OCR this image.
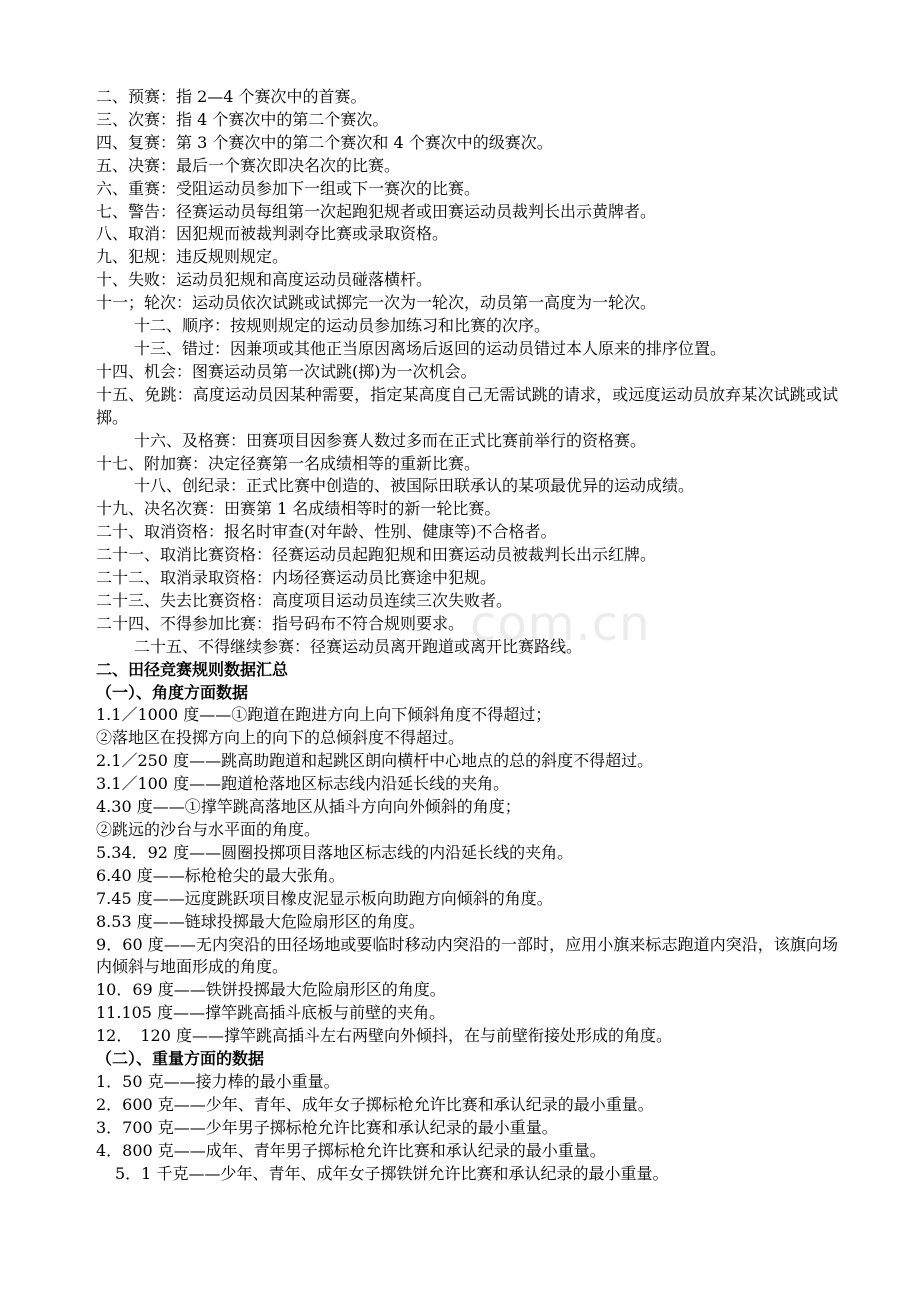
二、预赛：指 2—4 个赛次中的首赛。
三、次赛：指 4 个赛次中的第二个赛次。
四、复赛：第 3 个赛次中的第二个赛次和 4 个赛次中的级赛次。
五、决赛：最后一个赛次即决名次的比赛。
六、重赛：受阻运动员参加下一组或下一赛次的比赛。
七、警告：径赛运动员每组第一次起跑犯规者或田赛运动员裁判长出示黄牌者。
八、取消：因犯规而被裁判剥夺比赛或录取资格。
九、犯规：违反规则规定。
十、失败：运动员犯规和高度运动员碰落横杆。
十一；轮次：运动员依次试跳或试掷完一次为一轮次，动员第一高度为一轮次。
十二、顺序：按规则规定的运动员参加练习和比赛的次序。
十三、错过：因兼项或其他正当原因离场后返回的运动员错过本人原来的排序位置。
十四、机会：图赛运动员第一次试跳(掷)为一次机会。
十五、免跳：高度运动员因某种需要，指定某高度自己无需试跳的请求，或远度运动员放弃某次试跳或试掷。
十六、及格赛：田赛项目因参赛人数过多而在正式比赛前举行的资格赛。
十七、附加赛：决定径赛第一名成绩相等的重新比赛。
十八、创纪录：正式比赛中创造的、被国际田联承认的某项最优异的运动成绩。
十九、决名次赛：田赛第 1 名成绩相等时的新一轮比赛。
二十、取消资格：报名时审查(对年龄、性别、健康等)不合格者。
二十一、取消比赛资格：径赛运动员起跑犯规和田赛运动员被裁判长出示红牌。
二十二、取消录取资格：内场径赛运动员比赛途中犯规。
二十三、失去比赛资格：高度项目运动员连续三次失败者。
二十四、不得参加比赛：指号码布不符合规则要求。
二十五、不得继续参赛：径赛运动员离开跑道或离开比赛路线。
二、田径竞赛规则数据汇总
（一）、角度方面数据
1.1／1000 度——①跑道在跑进方向上向下倾斜角度不得超过；
②落地区在投掷方向上的向下的总倾斜度不得超过。
2.1／250 度——跳高助跑道和起跳区朗向横杆中心地点的总的斜度不得超过。
3.1／100 度——跑道枪落地区标志线内沿延长线的夹角。
4.30 度——①撑竿跳高落地区从插斗方向向外倾斜的角度；
②跳远的沙台与水平面的角度。
5.34．92 度——圆圈投掷项目落地区标志线的内沿延长线的夹角。
6.40 度——标枪枪尖的最大张角。
7.45 度——远度跳跃项目橡皮泥显示板向助跑方向倾斜的角度。
8.53 度——链球投掷最大危险扇形区的角度。
9．60 度——无内突沿的田径场地或要临时移动内突沿的一部时，应用小旗来标志跑道内突沿，该旗向场内倾斜与地面形成的角度。
10．69 度——铁饼投掷最大危险扇形区的角度。
11.105 度——撑竿跳高插斗底板与前壁的夹角。
12．　120 度——撑竿跳高插斗左右两壁向外倾抖，在与前壁衔接处形成的角度。
（二）、重量方面的数据
1．50 克——接力棒的最小重量。
2．600 克——少年、青年、成年女子掷标枪允许比赛和承认纪录的最小重量。
3．700 克——少年男子掷标枪允许比赛和承认纪录的最小重量。
4．800 克——成年、青年男子掷标枪允许比赛和承认纪录的最小重量。
5．1 千克——少年、青年、成年女子掷铁饼允许比赛和承认纪录的最小重量。
com.cn
